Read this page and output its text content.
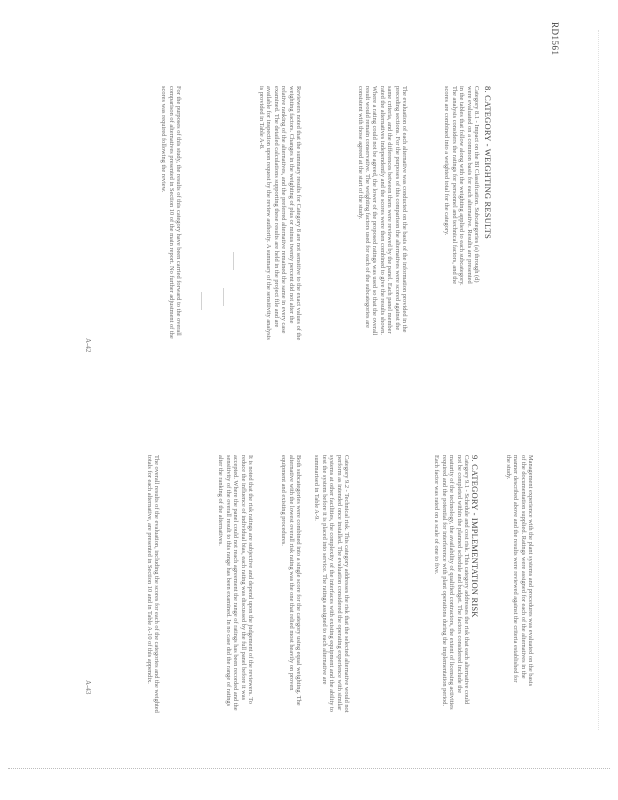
RD1561
A-42
A-43
8. CATEGORY - WEIGHTING RESULTS
Category 8.1 - Impact on the BI Classification. Subcategories (a) through (d) were evaluated on a common basis for each alternative. Results are presented in the tables that follow along with the weighting applied to each subcategory. The analysis considers the ratings for personnel and technical factors, and the scores are combined into a weighted total for the category.
The evaluation of each alternative was conducted on the basis of the information provided in the preceding sections. For the purposes of this comparison the alternatives were scored against the same criteria, and the differences between them were reviewed by the panel. Each panel member rated the alternatives independently and the scores were then combined to give the results shown. Where a rating could not be agreed, the lower of the proposed ratings was used so that the overall result would remain conservative. The weighting factors used for each of the subcategories are consistent with those agreed at the start of the study.
Reviewers noted that the summary results for Category 8 are not sensitive to the exact values of the weighting factors. Changes in the weighting of plus or minus twenty percent did not alter the relative ranking of the alternatives, and the preferred alternative remained the same in every case examined. The detailed calculations supporting these results are held in the project file and are available for inspection upon request by the review authority. A summary of the sensitivity analysis is provided in Table A-8.
For the purposes of this study, the results of this category have been carried forward to the overall comparison of alternatives presented in Section 10 of the main report. No further adjustment of the scores was required following the review.
______
______
______
Management experience with the plant systems and procedures was evaluated on the basis of the documentation supplied. Ratings were assigned for each of the alternatives in the manner described above and the results were reviewed against the criteria established for the study.
9. CATEGORY - IMPLEMENTATION RISK
Category 9.1 - Schedule and cost risk. This category addresses the risk that each alternative could not be completed within the planned schedule and budget. The factors considered include the maturity of the technology, the availability of qualified contractors, the extent of licensing activities required and the potential for interference with plant operations during the implementation period. Each factor was rated on a scale of one to five.
Category 9.2 - Technical risk. This category addresses the risk that the selected alternative would not perform as intended once installed. The evaluation considered the operating experience with similar systems at other facilities, the complexity of the interfaces with existing equipment and the ability to test the system before it is placed into service. The ratings assigned to each alternative are summarised in Table A-9.
Both subcategories were combined into a single score for the category using equal weighting. The alternative with the lowest overall risk rating was the one that relied most heavily on proven equipment and existing procedures.
It is noted that the risk ratings are subjective and depend upon the judgement of the reviewers. To reduce the influence of individual bias, each rating was discussed by the full panel before it was accepted. Where the panel could not reach agreement the range of ratings has been recorded and the sensitivity of the overall result to this range has been examined. In no case did the range of ratings alter the ranking of the alternatives.
The overall results of the evaluation, including the scores for each of the categories and the weighted totals for each alternative, are presented in Section 10 and in Table A-10 of this appendix.
